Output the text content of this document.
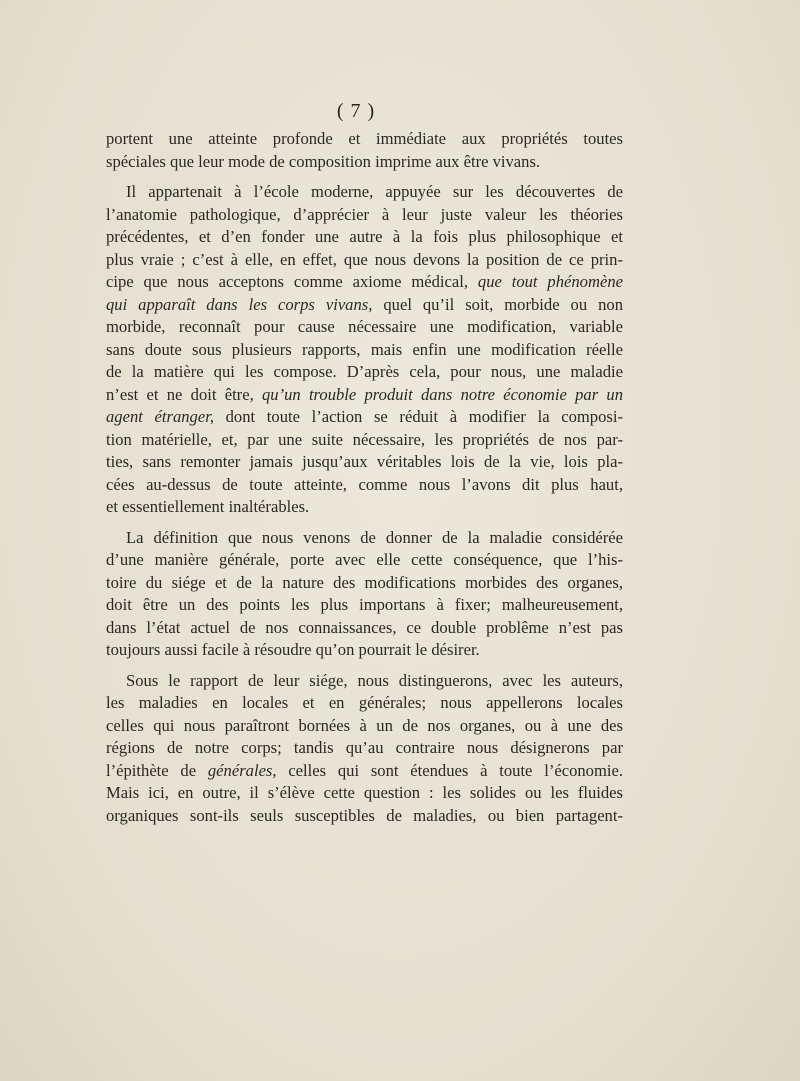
( 7 )
portent une atteinte profonde et immédiate aux propriétés toutes
spéciales que leur mode de composition imprime aux être vivans.
Il appartenait à l’école moderne, appuyée sur les découvertes de
l’anatomie pathologique, d’apprécier à leur juste valeur les théories
précédentes, et d’en fonder une autre à la fois plus philosophique et
plus vraie ; c’est à elle, en effet, que nous devons la position de ce prin-
cipe que nous acceptons comme axiome médical, que tout phénomène
qui apparaît dans les corps vivans, quel qu’il soit, morbide ou non
morbide, reconnaît pour cause nécessaire une modification, variable
sans doute sous plusieurs rapports, mais enfin une modification réelle
de la matière qui les compose. D’après cela, pour nous, une maladie
n’est et ne doit être, qu’un trouble produit dans notre économie par un
agent étranger, dont toute l’action se réduit à modifier la composi-
tion matérielle, et, par une suite nécessaire, les propriétés de nos par-
ties, sans remonter jamais jusqu’aux véritables lois de la vie, lois pla-
cées au-dessus de toute atteinte, comme nous l’avons dit plus haut,
et essentiellement inaltérables.
La définition que nous venons de donner de la maladie considérée
d’une manière générale, porte avec elle cette conséquence, que l’his-
toire du siége et de la nature des modifications morbides des organes,
doit être un des points les plus importans à fixer; malheureusement,
dans l’état actuel de nos connaissances, ce double problême n’est pas
toujours aussi facile à résoudre qu’on pourrait le désirer.
Sous le rapport de leur siége, nous distinguerons, avec les auteurs,
les maladies en locales et en générales; nous appellerons locales
celles qui nous paraîtront bornées à un de nos organes, ou à une des
régions de notre corps; tandis qu’au contraire nous désignerons par
l’épithète de générales, celles qui sont étendues à toute l’économie.
Mais ici, en outre, il s’élève cette question : les solides ou les fluides
organiques sont-ils seuls susceptibles de maladies, ou bien partagent-
